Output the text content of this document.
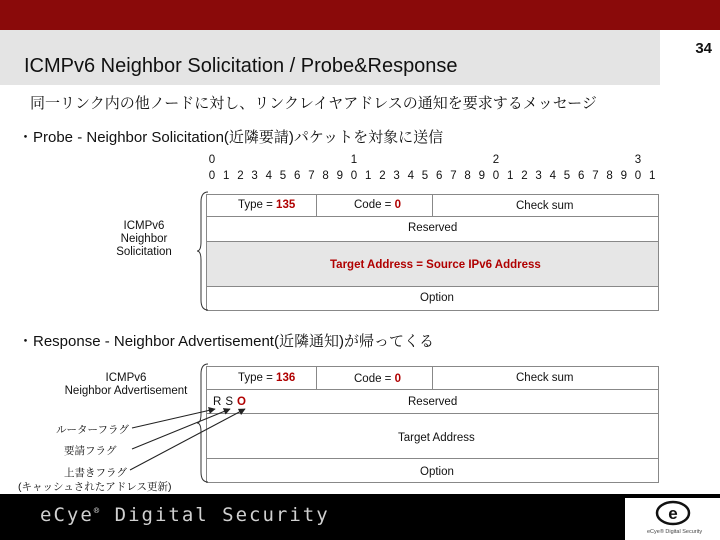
ICMPv6 Neighbor Solicitation / Probe&Response
34
同一リンク内の他ノードに対し、リンクレイヤアドレスの通知を要求するメッセージ
・Probe - Neighbor Solicitation(近隣要請)パケットを対象に送信
0	1	2	3
0 1 2 3 4 5 6 7 8 9 0 1 2 3 4 5 6 7 8 9 0 1 2 3 4 5 6 7 8 9 0 1
Type = 135	Code = 0	Check sum
Reserved
Target Address = Source IPv6 Address
Option
ICMPv6
Neighbor
Solicitation
・Response - Neighbor Advertisement(近隣通知)が帰ってくる
Type = 136	Code = 0	Check sum
RSO	Reserved
Target Address
Option
ICMPv6
Neighbor Advertisement
ルーターフラグ
要請フラグ
上書きフラグ
(キャッシュされたアドレス更新)
eCye® Digital Security	e
eCye® Digital Security
